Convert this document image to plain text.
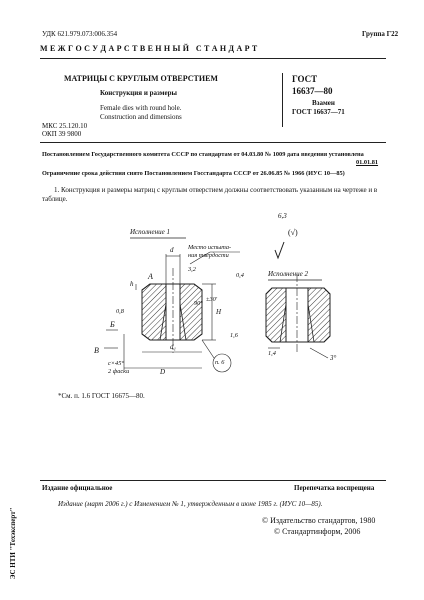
УДК 621.979.073:006.354	Группа Г22
М Е Ж Г О С У Д А Р С Т В Е Н Н Ы Й   С Т А Н Д А Р Т
МАТРИЦЫ С КРУГЛЫМ ОТВЕРСТИЕМ
Конструкция и размеры
Female dies with round hole.
Construction and dimensions
МКС 25.120.10
ОКП 39 9800
ГОСТ
16637—80
Взамен
ГОСТ 16637—71
Постановлением Государственного комитета СССР по стандартам от 04.03.80 № 1009 дата введения установлена
01.01.81
Ограничение срока действия снято Постановлением Госстандарта СССР от 26.06.85 № 1966 (ИУС 10—85)
1. Конструкция и размеры матриц с круглым отверстием должны соответствовать указанным на чертеже и в таблице.
6,3
(√)
Исполнение 1
Исполнение 2
Место испыта-
ния твердости
d
A
Б
В
h
H
D
d₁
90°
±30'
c×45°
2 фаски
п. 6
1,4
3°
0,4
0,8
1,6
3,2
*См. п. 1.6 ГОСТ 16675—80.
ЭС НТИ "Техэксперт"
Издание официальное	Перепечатка воспрещена
Издание (март 2006 г.) с Изменением № 1, утвержденным в июне 1985 г. (ИУС 10—85).
© Издательство стандартов, 1980
© Стандартинформ, 2006
